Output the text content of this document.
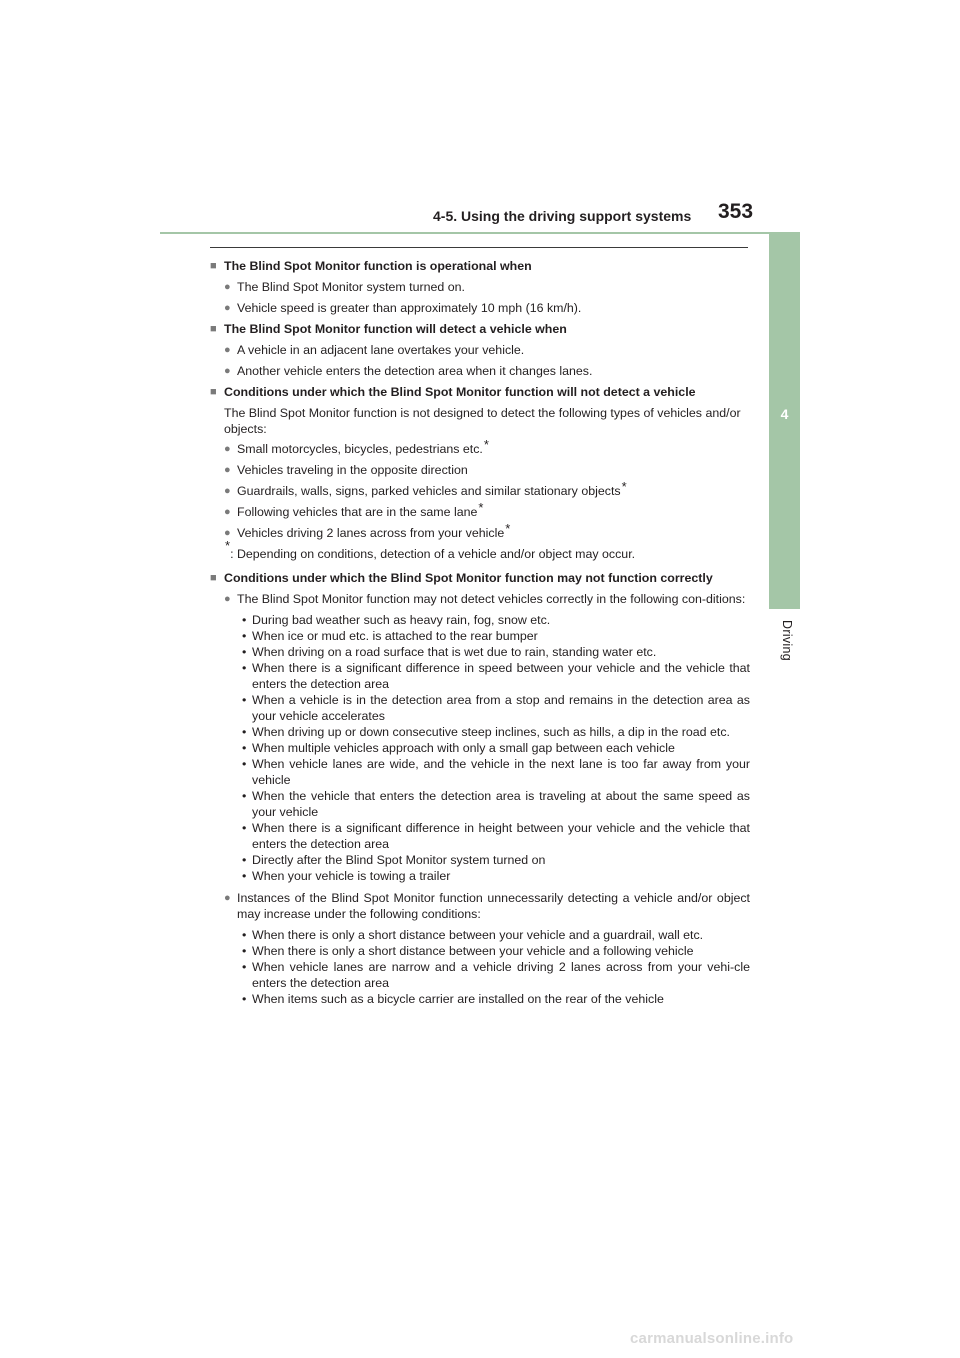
4-5. Using the driving support systems 353
4
Driving
■ The Blind Spot Monitor function is operational when
● The Blind Spot Monitor system turned on.
● Vehicle speed is greater than approximately 10 mph (16 km/h).
■ The Blind Spot Monitor function will detect a vehicle when
● A vehicle in an adjacent lane overtakes your vehicle.
● Another vehicle enters the detection area when it changes lanes.
■ Conditions under which the Blind Spot Monitor function will not detect a vehicle
The Blind Spot Monitor function is not designed to detect the following types of vehicles and/or objects:
● Small motorcycles, bicycles, pedestrians etc.*
● Vehicles traveling in the opposite direction
● Guardrails, walls, signs, parked vehicles and similar stationary objects*
● Following vehicles that are in the same lane*
● Vehicles driving 2 lanes across from your vehicle*
*
: Depending on conditions, detection of a vehicle and/or object may occur.
■ Conditions under which the Blind Spot Monitor function may not function correctly
● The Blind Spot Monitor function may not detect vehicles correctly in the following con-ditions:
• During bad weather such as heavy rain, fog, snow etc.
• When ice or mud etc. is attached to the rear bumper
• When driving on a road surface that is wet due to rain, standing water etc.
• When there is a significant difference in speed between your vehicle and the vehicle that enters the detection area
• When a vehicle is in the detection area from a stop and remains in the detection area as your vehicle accelerates
• When driving up or down consecutive steep inclines, such as hills, a dip in the road etc.
• When multiple vehicles approach with only a small gap between each vehicle
• When vehicle lanes are wide, and the vehicle in the next lane is too far away from your vehicle
• When the vehicle that enters the detection area is traveling at about the same speed as your vehicle
• When there is a significant difference in height between your vehicle and the vehicle that enters the detection area
• Directly after the Blind Spot Monitor system turned on
• When your vehicle is towing a trailer
● Instances of the Blind Spot Monitor function unnecessarily detecting a vehicle and/or object may increase under the following conditions:
• When there is only a short distance between your vehicle and a guardrail, wall etc.
• When there is only a short distance between your vehicle and a following vehicle
• When vehicle lanes are narrow and a vehicle driving 2 lanes across from your vehi-cle enters the detection area
• When items such as a bicycle carrier are installed on the rear of the vehicle
carmanualsonline.info
